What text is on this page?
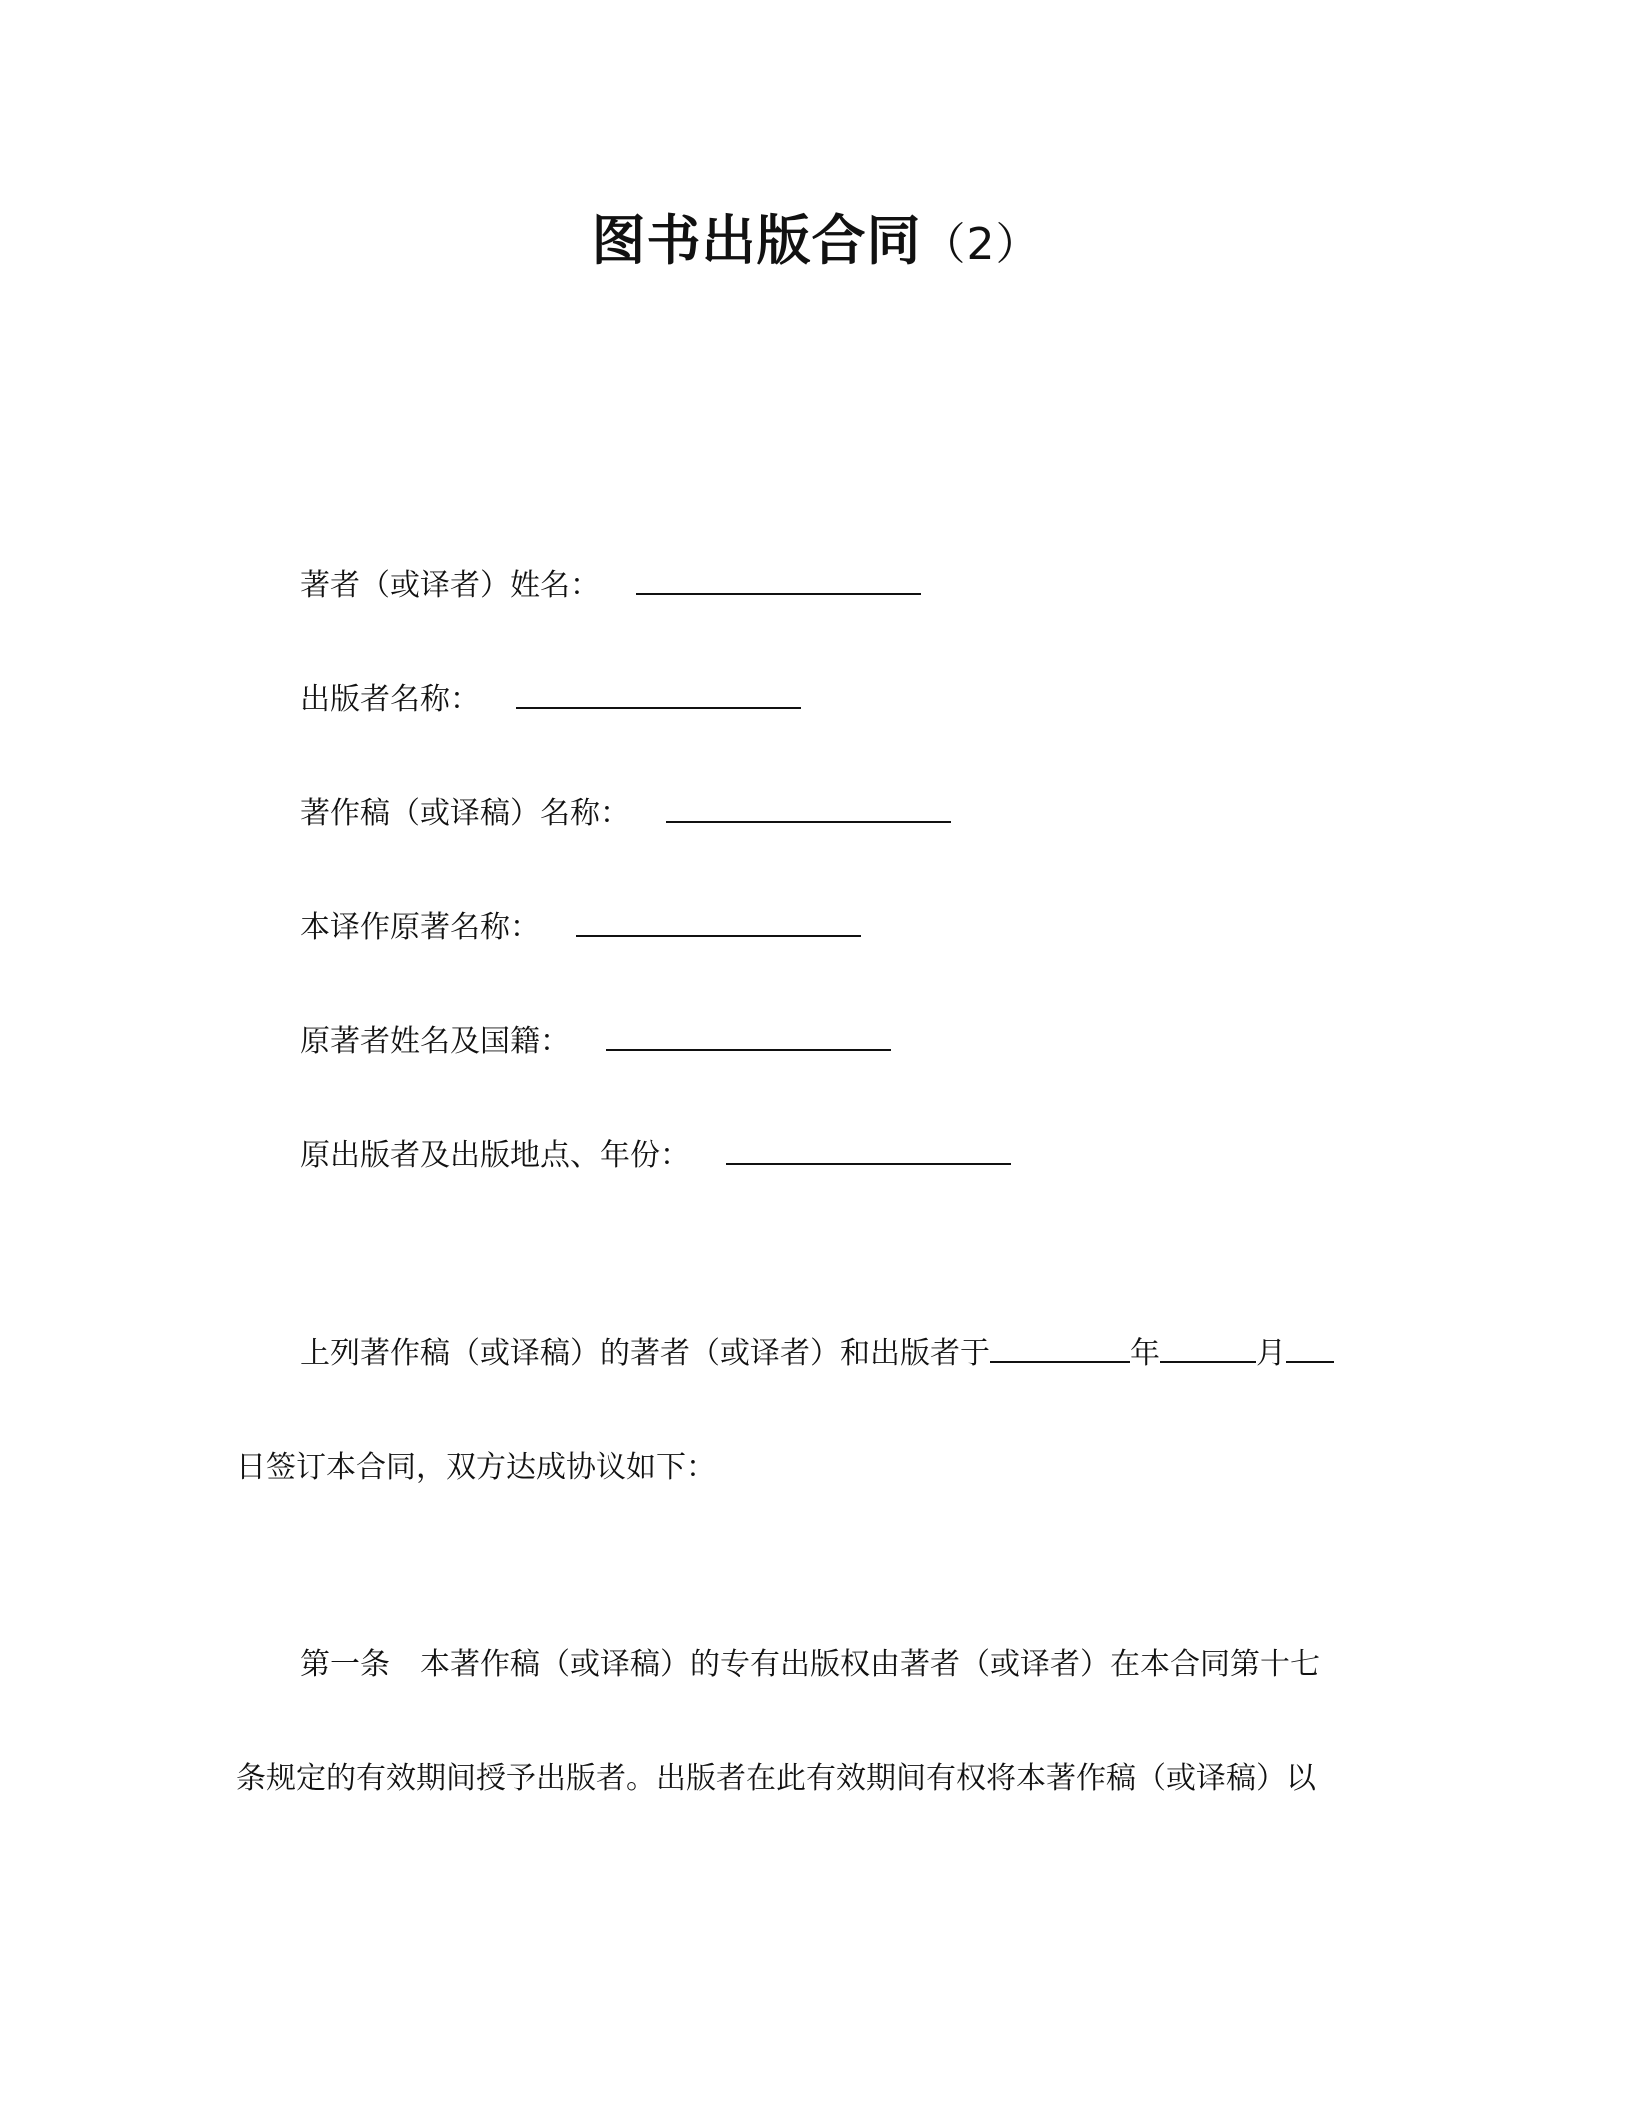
图书出版合同（2）
著者（或译者）姓名：
出版者名称：
著作稿（或译稿）名称：
本译作原著名称：
原著者姓名及国籍：
原出版者及出版地点、年份：
上列著作稿（或译稿）的著者（或译者）和出版者于	年	月
日签订本合同，双方达成协议如下：
第一条　本著作稿（或译稿）的专有出版权由著者（或译者）在本合同第十七
条规定的有效期间授予出版者。出版者在此有效期间有权将本著作稿（或译稿）以
